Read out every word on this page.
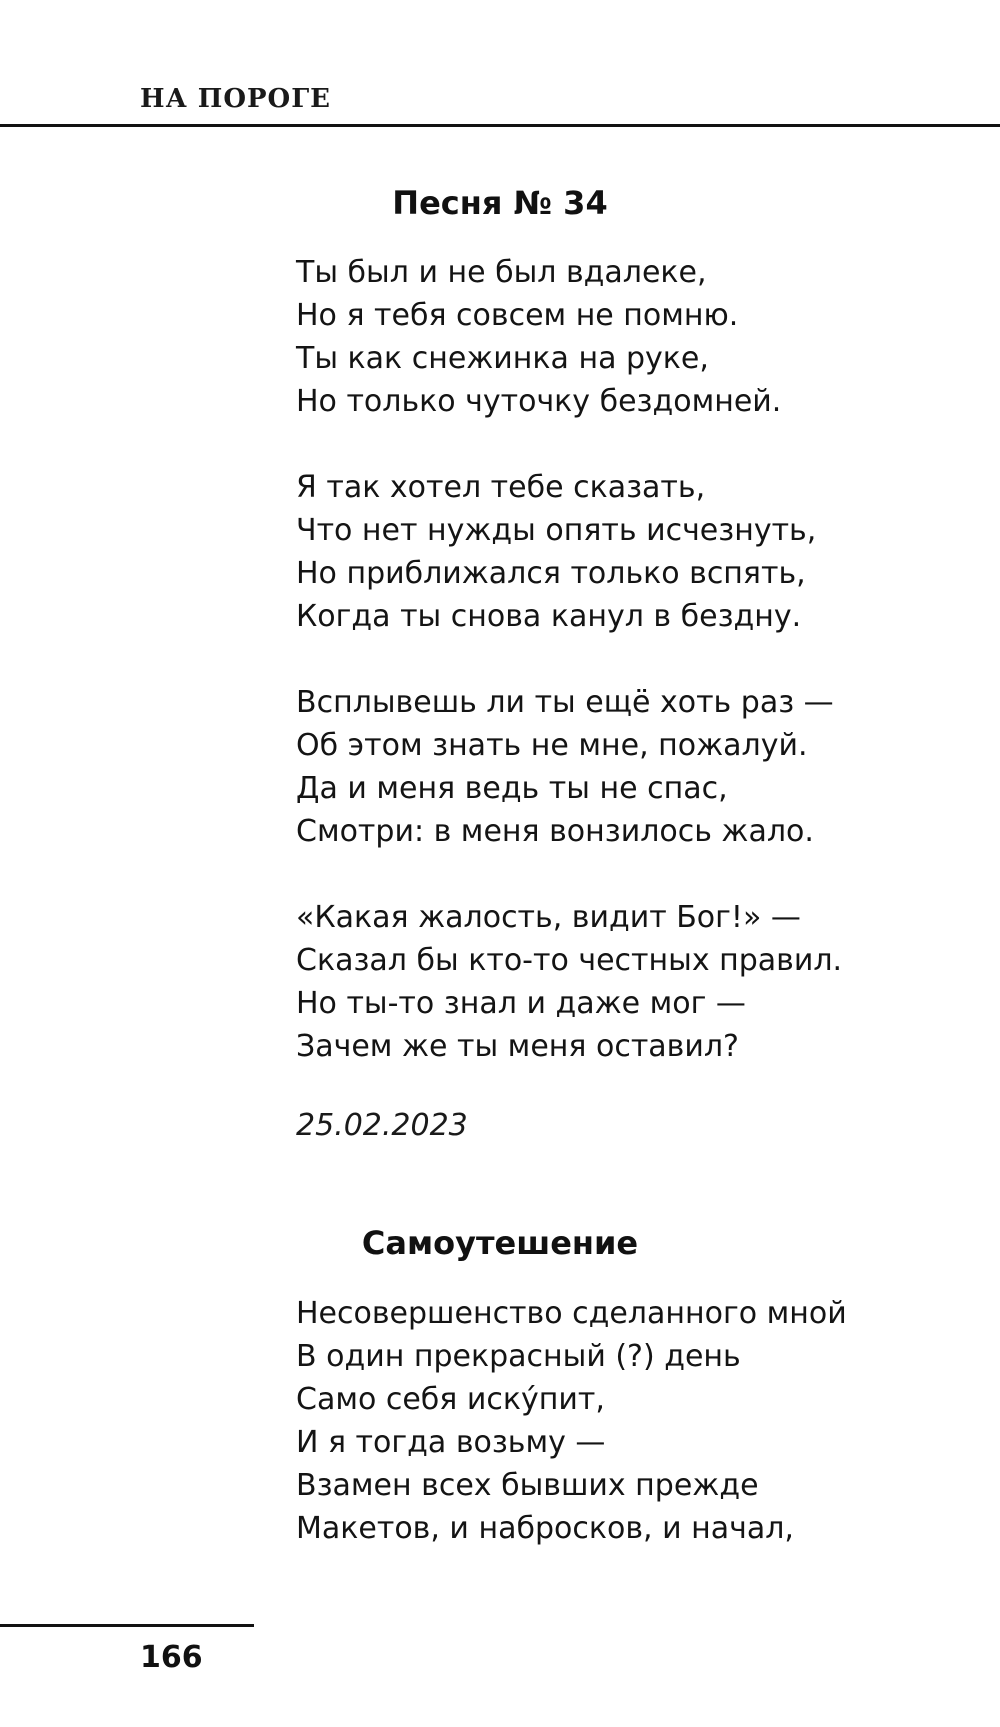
НА ПОРОГЕ
Песня № 34
Ты был и не был вдалеке,
Но я тебя совсем не помню.
Ты как снежинка на руке,
Но только чуточку бездомней.
Я так хотел тебе сказать,
Что нет нужды опять исчезнуть,
Но приближался только вспять,
Когда ты снова канул в бездну.
Всплывешь ли ты ещё хоть раз —
Об этом знать не мне, пожалуй.
Да и меня ведь ты не спас,
Смотри: в меня вонзилось жало.
«Какая жалость, видит Бог!» —
Сказал бы кто-то честных правил.
Но ты-то знал и даже мог —
Зачем же ты меня оставил?
25.02.2023
Самоутешение
Несовершенство сделанного мной
В один прекрасный (?) день
Само себя искýпит,
И я тогда возьму —
Взамен всех бывших прежде
Макетов, и набросков, и начал,
166
